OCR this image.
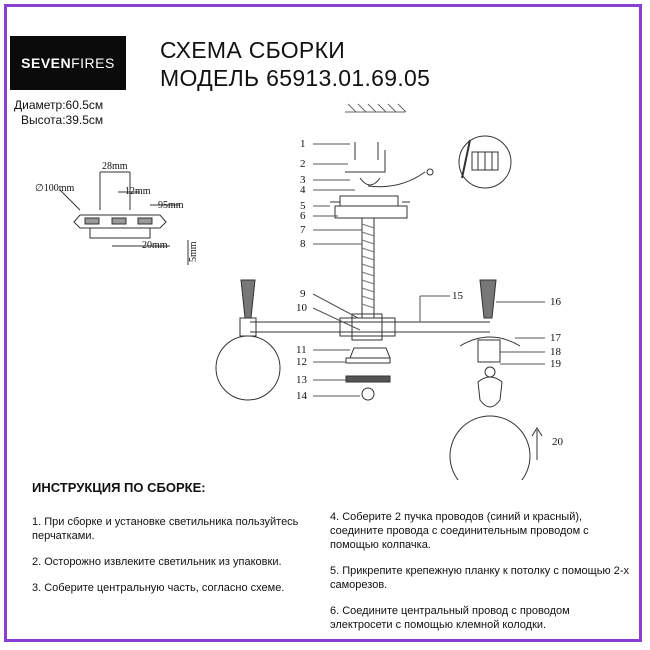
SEVEN FIRES СХЕМА СБОРКИ
МОДЕЛЬ 65913.01.69.05
Диаметр:60.5см
Высота:39.5см
∅100mm
28mm
12mm
95mm
20mm 5mm
1
2
3
4
5
6
7
8
9
10
11
12
13
14
15	16
17
18
19
20
ИНСТРУКЦИЯ ПО СБОРКЕ:

1. При сборке и установке светильника пользуйтесь перчатками.

2. Осторожно извлеките светильник из упаковки.

3. Соберите центральную часть, согласно схеме.

4. Соберите 2 пучка проводов (синий и красный), соедините провода с соединительным проводом с помощью колпачка.

5. Прикрепите крепежную планку к потолку с помощью 2-х саморезов.

6. Соедините центральный провод с проводом электросети с помощью клемной колодки.
